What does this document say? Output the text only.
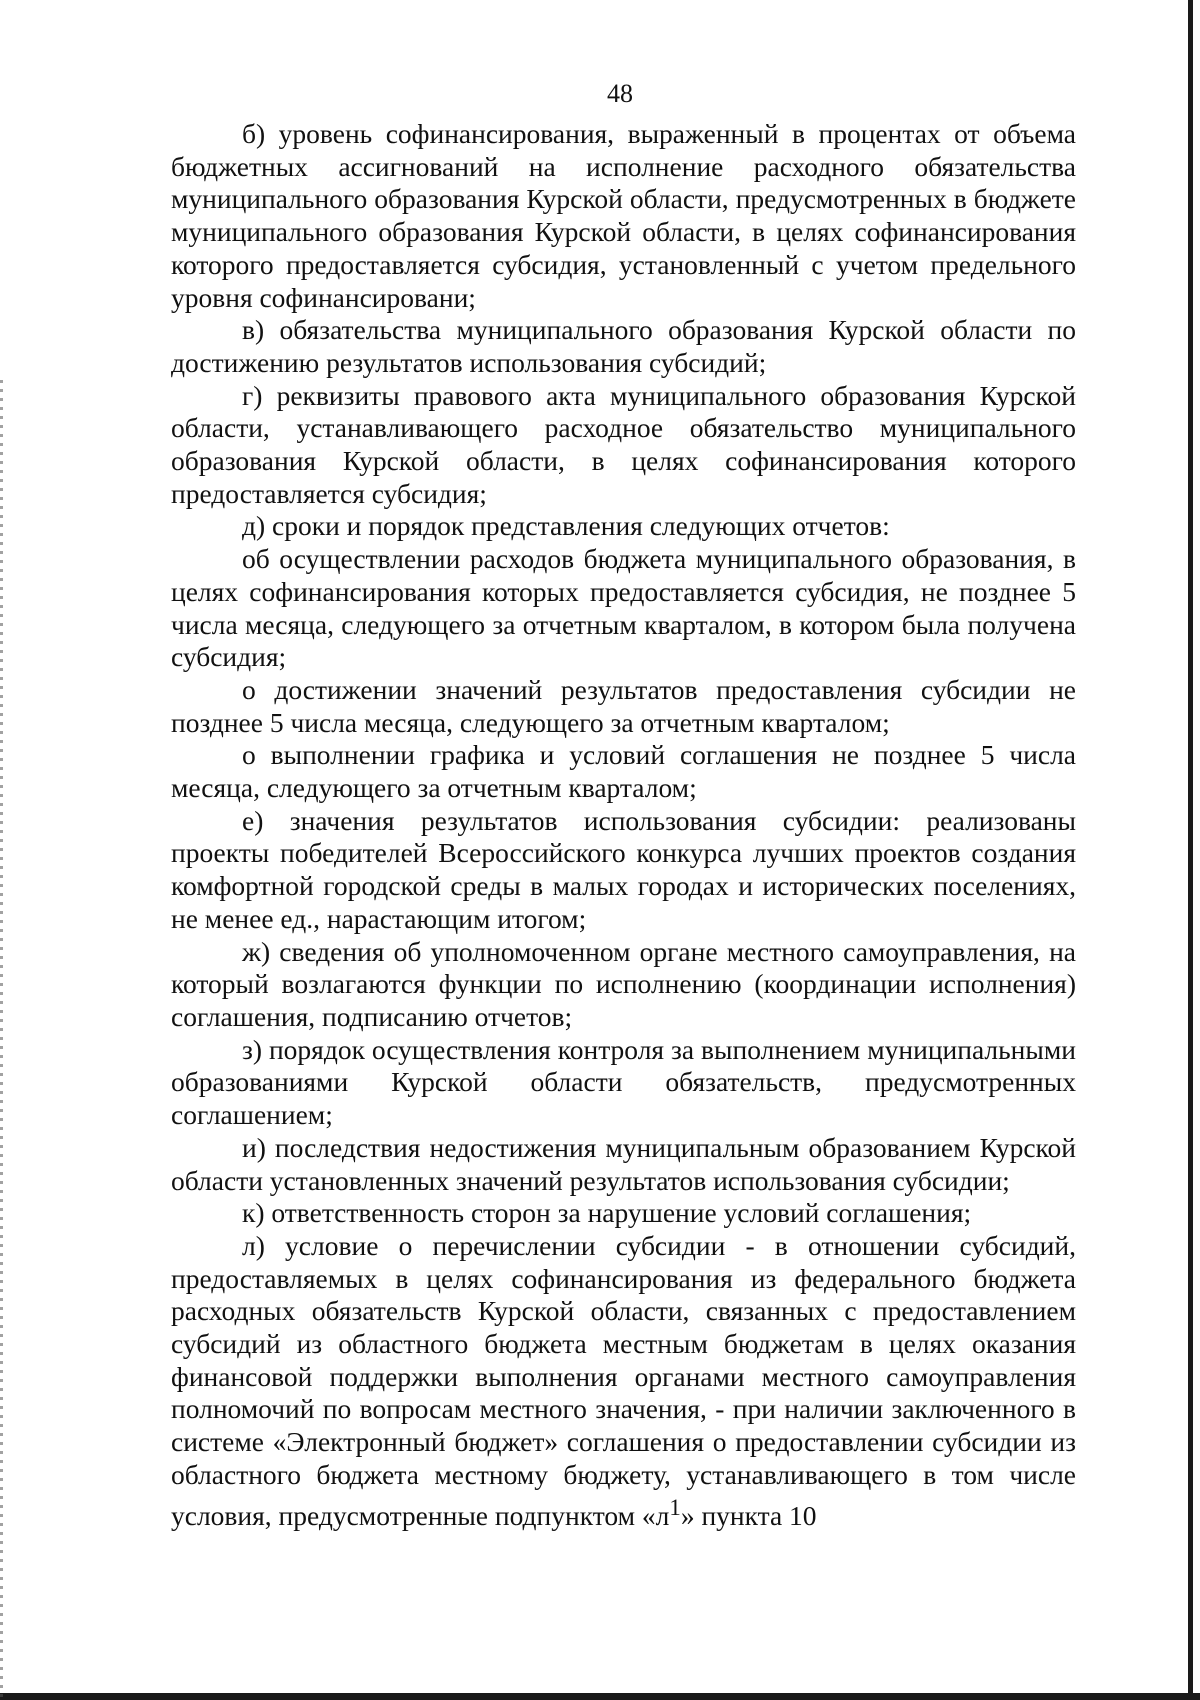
48

б) уровень софинансирования, выраженный в процентах от объема бюджетных ассигнований на исполнение расходного обязательства муниципального образования Курской области, предусмотренных в бюджете муниципального образования Курской области, в целях софинансирования которого предоставляется субсидия, установленный с учетом предельного уровня софинансировани;

в) обязательства муниципального образования Курской области по достижению результатов использования субсидий;

г) реквизиты правового акта муниципального образования Курской области, устанавливающего расходное обязательство муниципального образования Курской области, в целях софинансирования которого предоставляется субсидия;

д) сроки и порядок представления следующих отчетов:

об осуществлении расходов бюджета муниципального образования, в целях софинансирования которых предоставляется субсидия, не позднее 5 числа месяца, следующего за отчетным кварталом, в котором была получена субсидия;

о достижении значений результатов предоставления субсидии не позднее 5 числа месяца, следующего за отчетным кварталом;

о выполнении графика и условий соглашения не позднее 5 числа месяца, следующего за отчетным кварталом;

е) значения результатов использования субсидии: реализованы проекты победителей Всероссийского конкурса лучших проектов создания комфортной городской среды в малых городах и исторических поселениях, не менее ед., нарастающим итогом;

ж) сведения об уполномоченном органе местного самоуправления, на который возлагаются функции по исполнению (координации исполнения) соглашения, подписанию отчетов;

з) порядок осуществления контроля за выполнением муниципальными образованиями Курской области обязательств, предусмотренных соглашением;

и) последствия недостижения муниципальным образованием Курской области установленных значений результатов использования субсидии;

к) ответственность сторон за нарушение условий соглашения;

л) условие о перечислении субсидии - в отношении субсидий, предоставляемых в целях софинансирования из федерального бюджета расходных обязательств Курской области, связанных с предоставлением субсидий из областного бюджета местным бюджетам в целях оказания финансовой поддержки выполнения органами местного самоуправления полномочий по вопросам местного значения, - при наличии заключенного в системе «Электронный бюджет» соглашения о предоставлении субсидии из областного бюджета местному бюджету, устанавливающего в том числе условия, предусмотренные подпунктом «$л^1$» пункта 10
